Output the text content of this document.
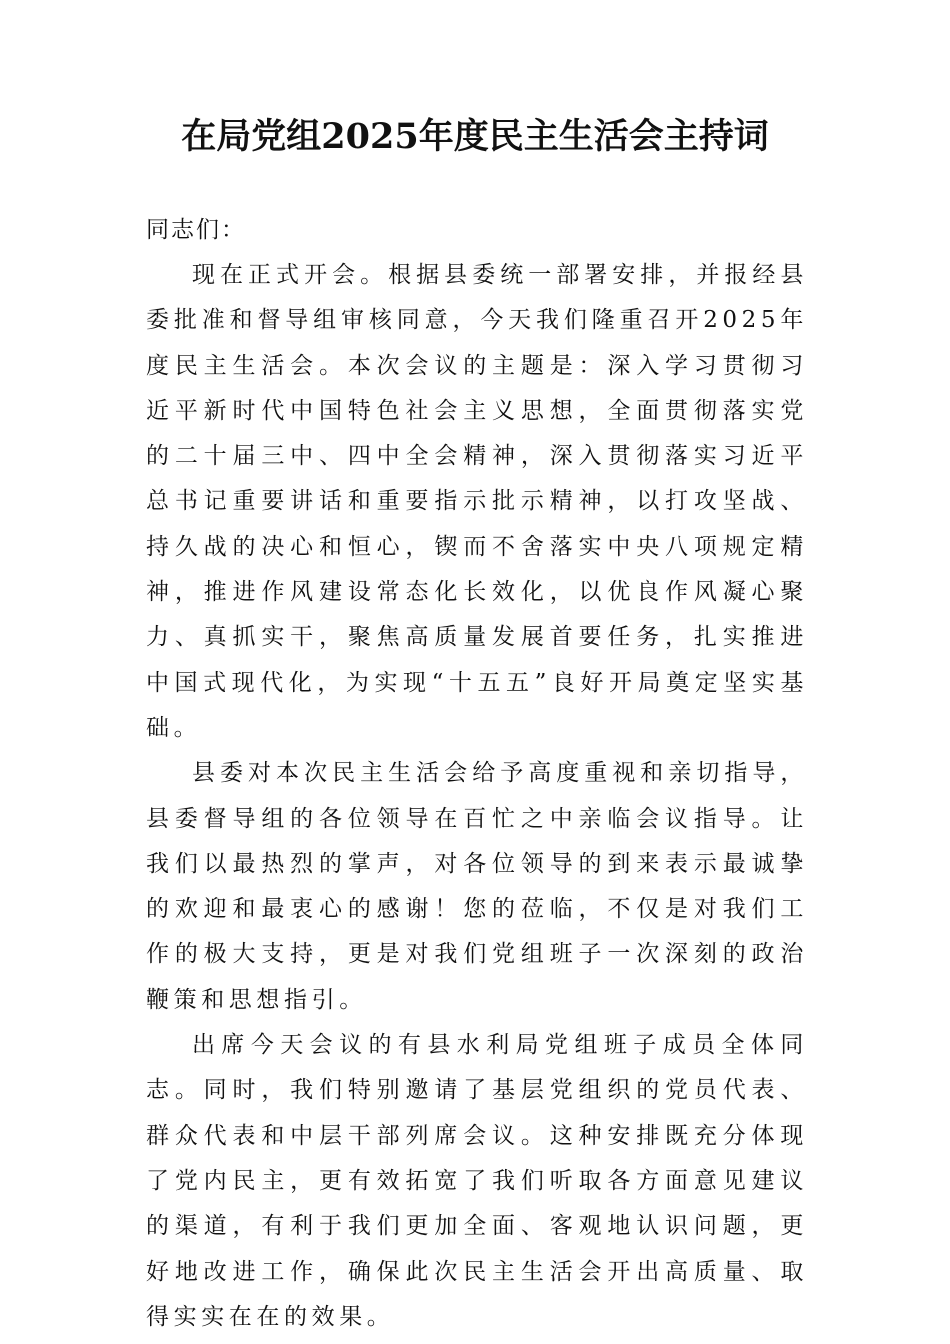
在局党组2025年度民主生活会主持词

同志们：

现在正式开会。根据县委统一部署安排，并报经县委批准和督导组审核同意，今天我们隆重召开2025年度民主生活会。本次会议的主题是：深入学习贯彻习近平新时代中国特色社会主义思想，全面贯彻落实党的二十届三中、四中全会精神，深入贯彻落实习近平总书记重要讲话和重要指示批示精神，以打攻坚战、持久战的决心和恒心，锲而不舍落实中央八项规定精神，推进作风建设常态化长效化，以优良作风凝心聚力、真抓实干，聚焦高质量发展首要任务，扎实推进中国式现代化，为实现“十五五”良好开局奠定坚实基础。

县委对本次民主生活会给予高度重视和亲切指导，县委督导组的各位领导在百忙之中亲临会议指导。让我们以最热烈的掌声，对各位领导的到来表示最诚挚的欢迎和最衷心的感谢！您的莅临，不仅是对我们工作的极大支持，更是对我们党组班子一次深刻的政治鞭策和思想指引。

出席今天会议的有县水利局党组班子成员全体同志。同时，我们特别邀请了基层党组织的党员代表、群众代表和中层干部列席会议。这种安排既充分体现了党内民主，更有效拓宽了我们听取各方面意见建议的渠道，有利于我们更加全面、客观地认识问题，更好地改进工作，确保此次民主生活会开出高质量、取得实实在在的效果。
